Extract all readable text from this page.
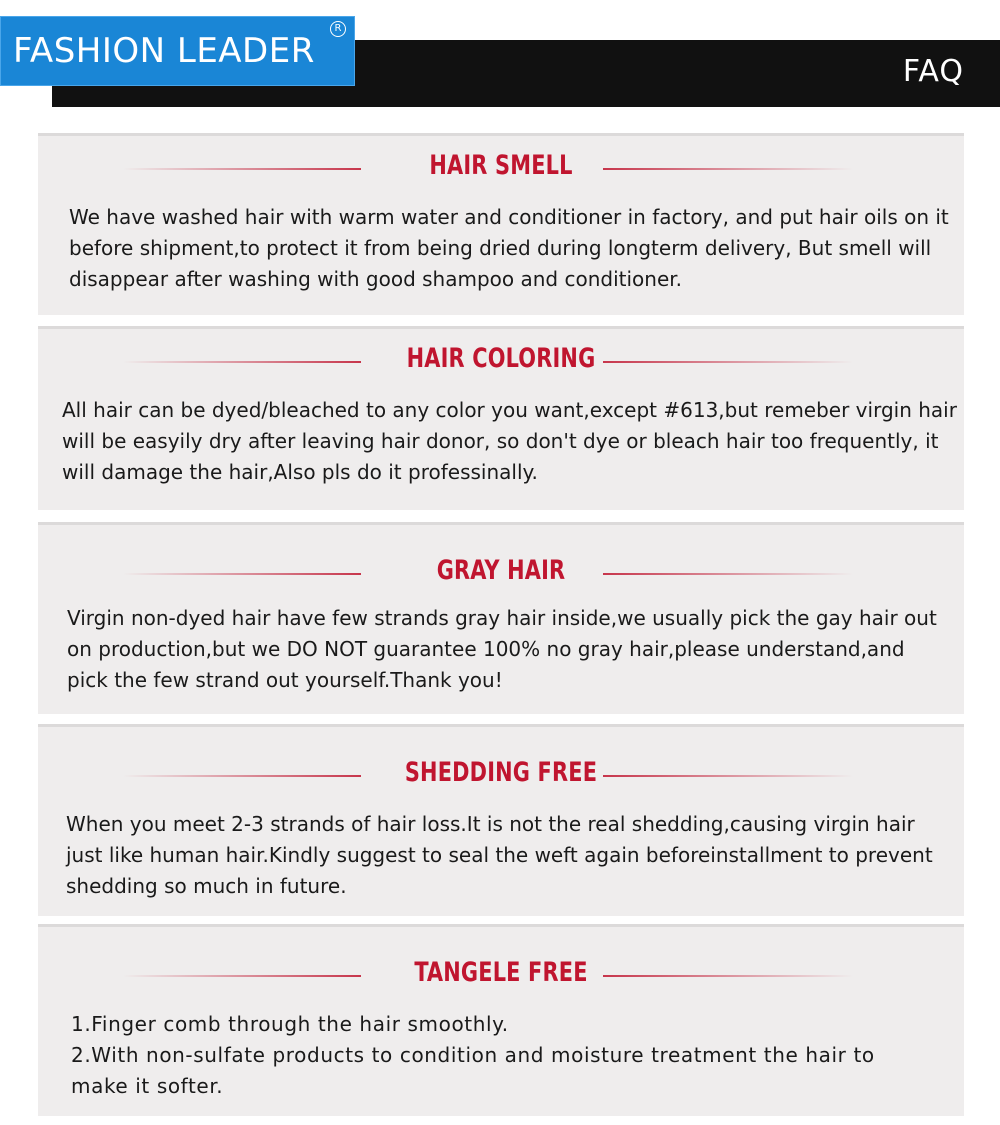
FAQ
FASHION LEADER
R
HAIR SMELL
We have washed hair with warm water and conditioner in factory, and put hair oils on it
before shipment,to protect it from being dried during longterm delivery, But smell will
disappear after washing with good shampoo and conditioner.
HAIR COLORING
All hair can be dyed/bleached to any color you want,except #613,but remeber virgin hair
will be easyily dry after leaving hair donor, so don't dye or bleach hair too frequently, it
will damage the hair,Also pls do it professinally.
GRAY HAIR
Virgin non-dyed hair have few strands gray hair inside,we usually pick the gay hair out
on production,but we DO NOT guarantee 100% no gray hair,please understand,and
pick the few strand out yourself.Thank you!
SHEDDING FREE
When you meet 2-3 strands of hair loss.It is not the real shedding,causing virgin hair
just like human hair.Kindly suggest to seal the weft again beforeinstallment to prevent
shedding so much in future.
TANGELE FREE
1.Finger comb through the hair smoothly.
2.With non-sulfate products to condition and moisture treatment the hair to
make it softer.
